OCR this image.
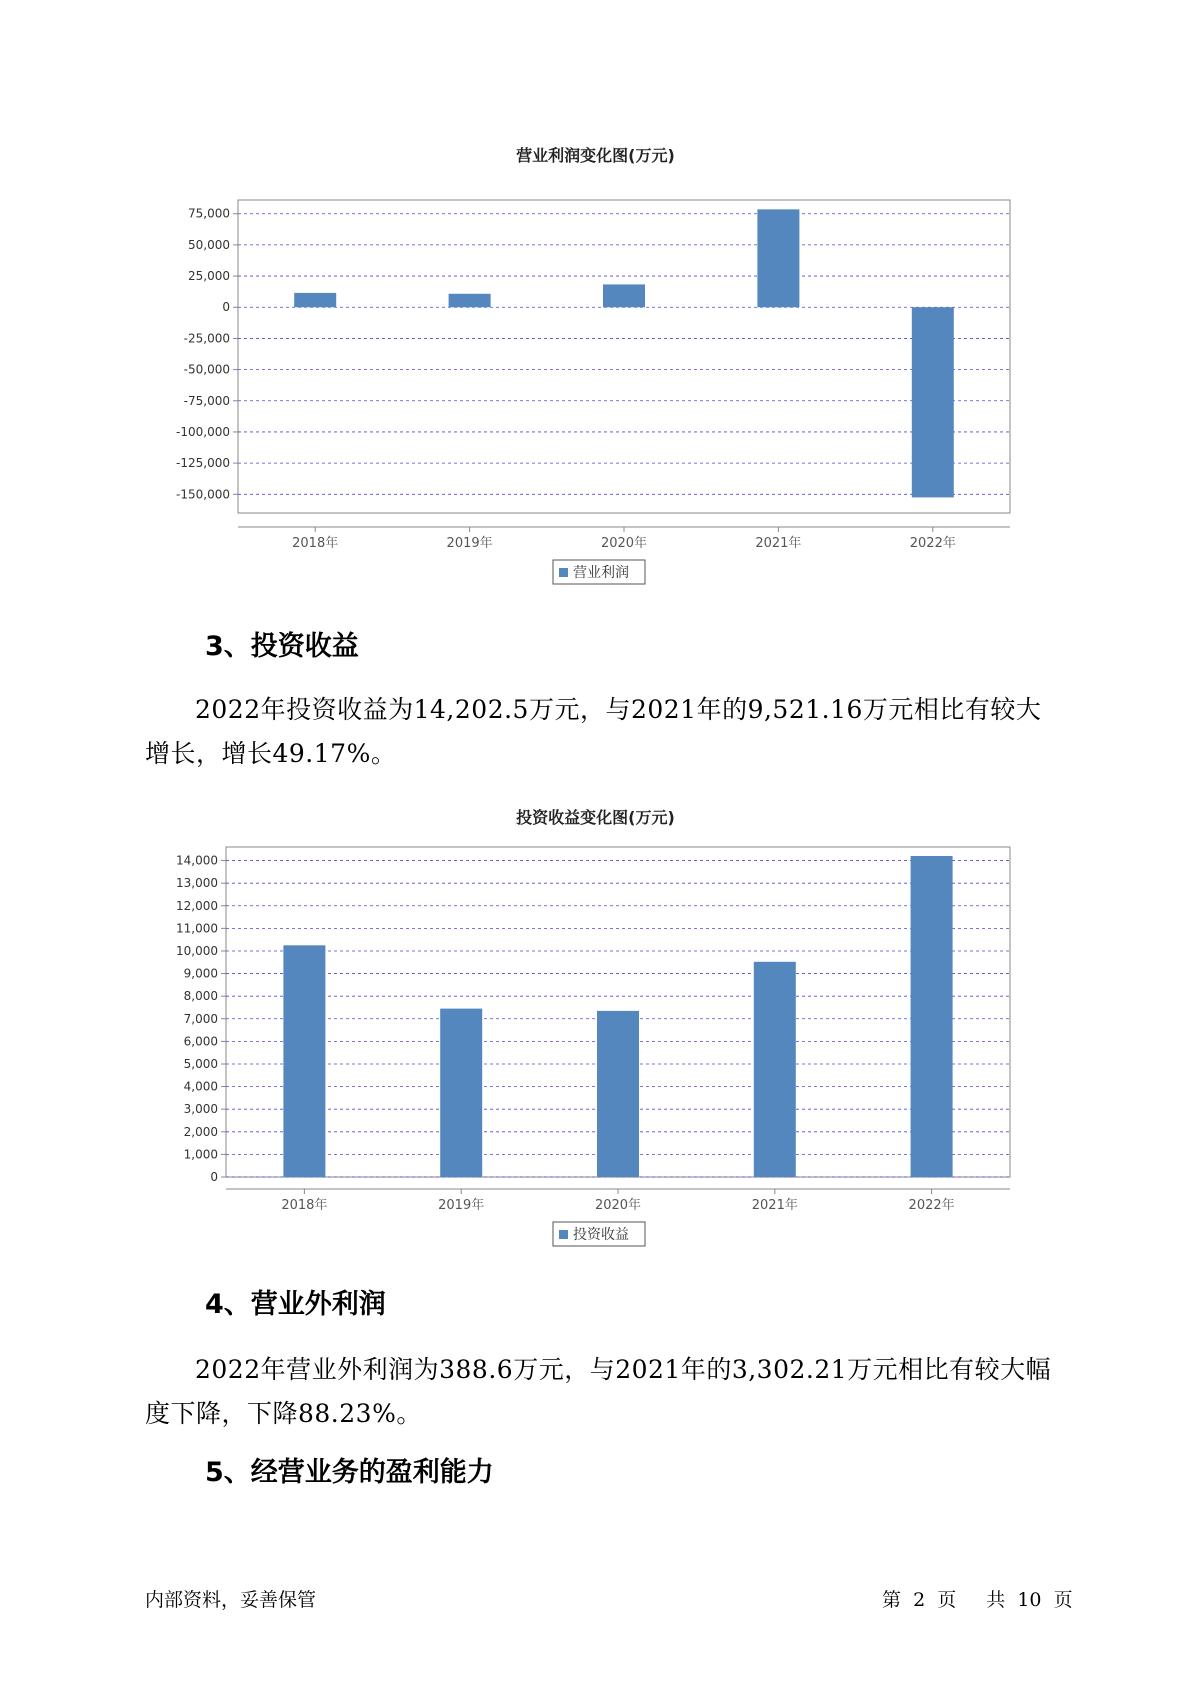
营业利润变化图(万元)
75,000
50,000
25,000
0
-25,000
-50,000
-75,000
-100,000
-125,000
-150,000
2018年	2019年	2020年	2021年	2022年
营业利润
3、投资收益

2022年投资收益为14,202.5万元，与2021年的9,521.16万元相比有较大增长，增长49.17%。

投资收益变化图(万元)
14,000
13,000
12,000
11,000
10,000
9,000
8,000
7,000
6,000
5,000
4,000
3,000
2,000
1,000
0
2018年	2019年	2020年	2021年	2022年
投资收益
4、营业外利润

2022年营业外利润为388.6万元，与2021年的3,302.21万元相比有较大幅度下降，下降88.23%。

5、经营业务的盈利能力
内部资料，妥善保管	第 2 页 共 10 页
